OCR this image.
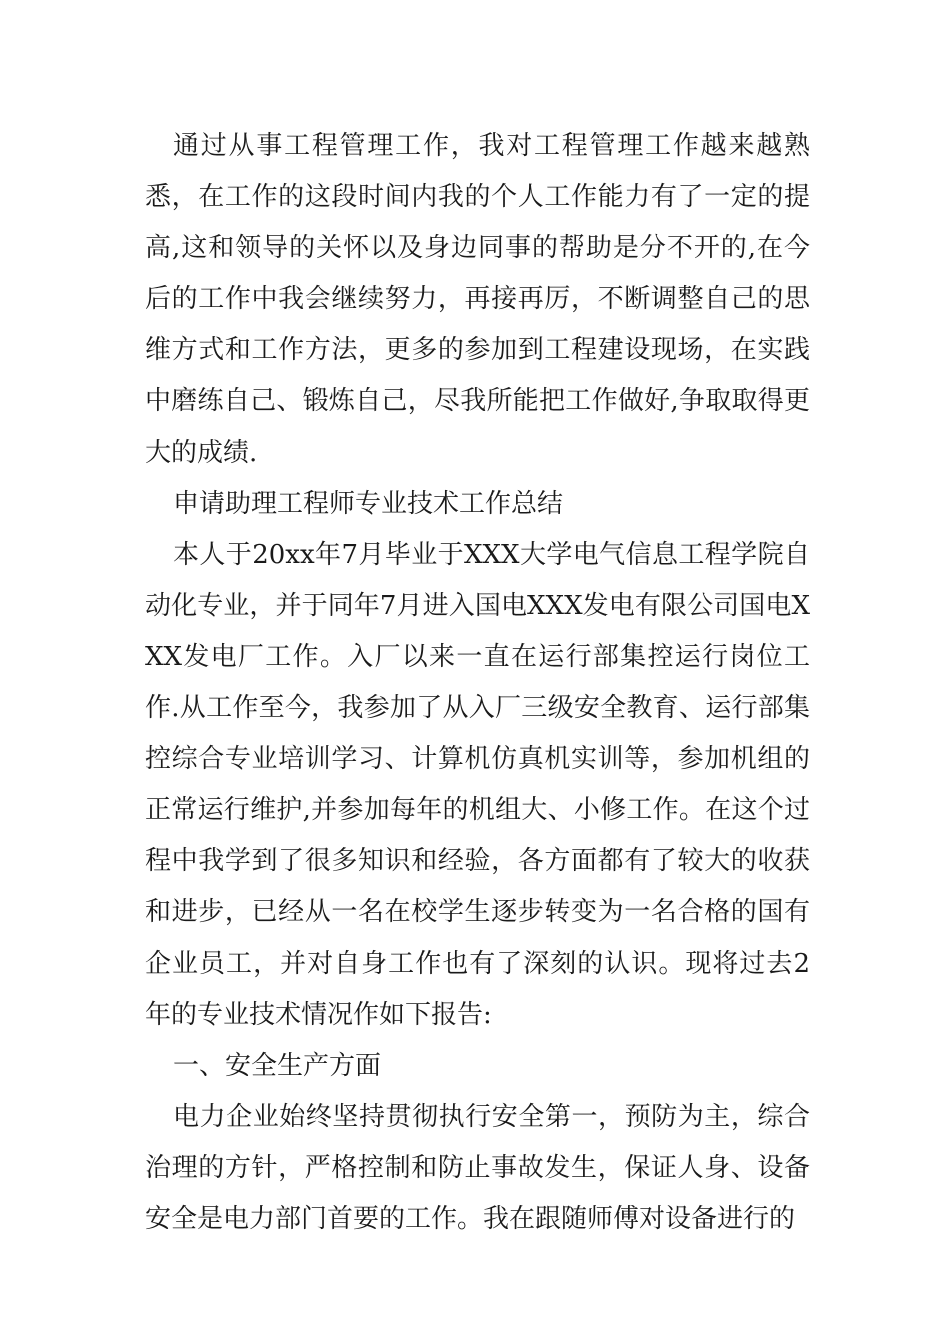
通过从事工程管理工作，我对工程管理工作越来越熟悉，在工作的这段时间内我的个人工作能力有了一定的提高,这和领导的关怀以及身边同事的帮助是分不开的,在今后的工作中我会继续努力，再接再厉，不断调整自己的思维方式和工作方法，更多的参加到工程建设现场，在实践中磨练自己、锻炼自己，尽我所能把工作做好,争取取得更大的成绩.

申请助理工程师专业技术工作总结

本人于20xx年7月毕业于XXX大学电气信息工程学院自动化专业，并于同年7月进入国电XXX发电有限公司国电XXX发电厂工作。入厂以来一直在运行部集控运行岗位工作.从工作至今，我参加了从入厂三级安全教育、运行部集控综合专业培训学习、计算机仿真机实训等，参加机组的正常运行维护,并参加每年的机组大、小修工作。在这个过程中我学到了很多知识和经验，各方面都有了较大的收获和进步，已经从一名在校学生逐步转变为一名合格的国有企业员工，并对自身工作也有了深刻的认识。现将过去2年的专业技术情况作如下报告:

一、安全生产方面

电力企业始终坚持贯彻执行安全第一，预防为主，综合治理的方针，严格控制和防止事故发生，保证人身、设备安全是电力部门首要的工作。我在跟随师傅对设备进行的
